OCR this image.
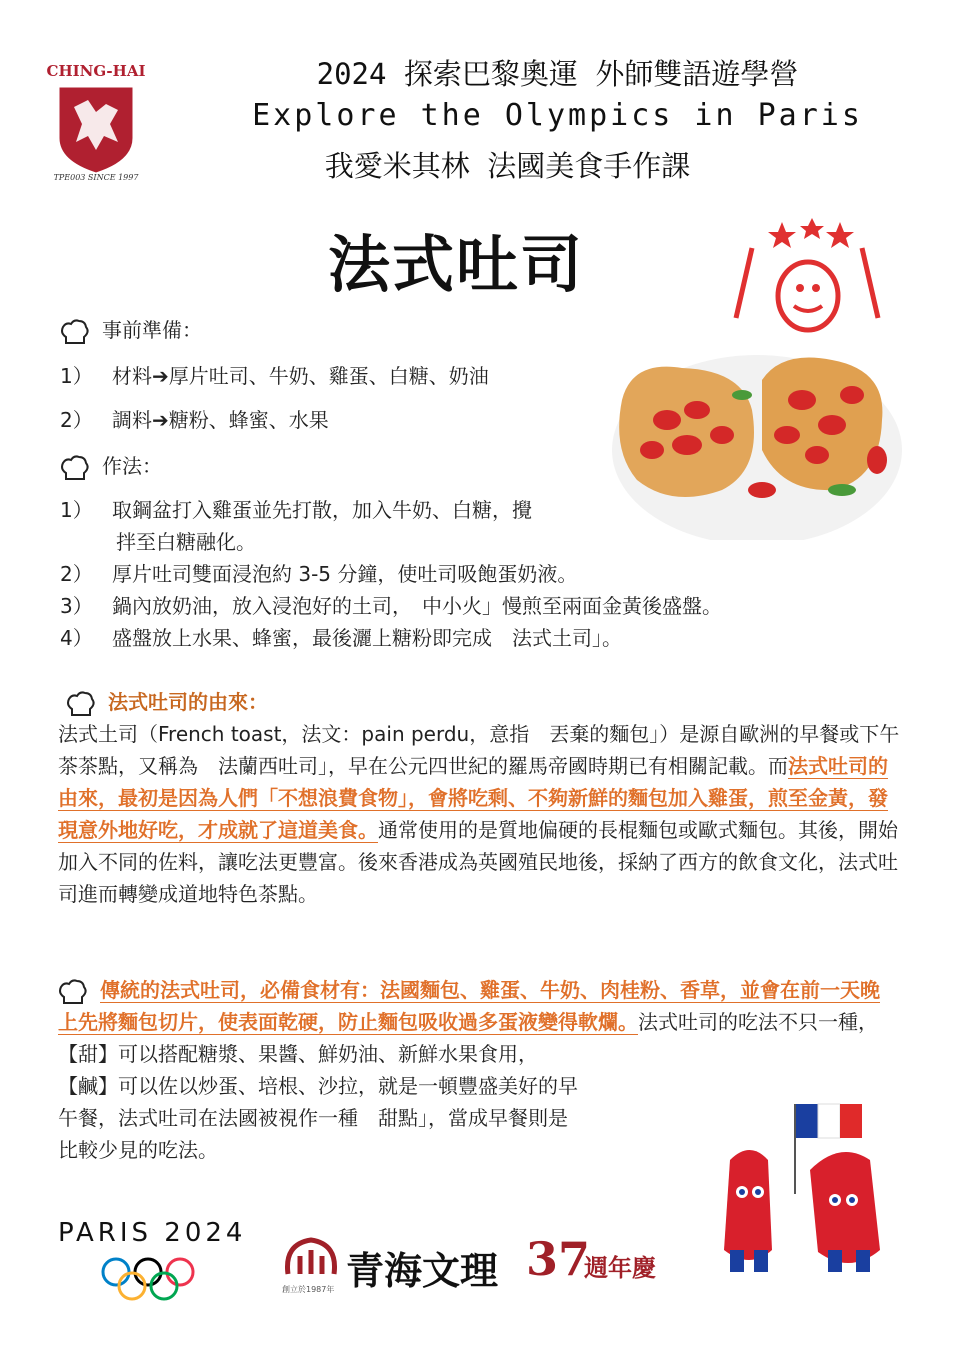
CHING-HAI
TPE003 SINCE 1997
2024 探索巴黎奧運 外師雙語遊學營
Explore the Olympics in Paris
我愛米其林 法國美食手作課
法式吐司
事前準備：
1） 材料➔厚片吐司、牛奶、雞蛋、白糖、奶油
2） 調料➔糖粉、蜂蜜、水果
作法：
1） 取鋼盆打入雞蛋並先打散，加入牛奶、白糖，攪
拌至白糖融化。
2） 厚片吐司雙面浸泡約 3-5 分鐘，使吐司吸飽蛋奶液。
3） 鍋內放奶油，放入浸泡好的土司，　中小火」慢煎至兩面金黃後盛盤。
4） 盛盤放上水果、蜂蜜，最後灑上糖粉即完成　法式土司」。
法式吐司的由來：
法式土司（French toast，法文：pain perdu，意指　丟棄的麵包」）是源自歐洲的早餐或下午茶茶點，又稱為　法蘭西吐司」，早在公元四世紀的羅馬帝國時期已有相關記載。而法式吐司的由來，最初是因為人們「不想浪費食物」，會將吃剩、不夠新鮮的麵包加入雞蛋，煎至金黃，發現意外地好吃，才成就了這道美食。通常使用的是質地偏硬的長棍麵包或歐式麵包。其後，開始加入不同的佐料，讓吃法更豐富。後來香港成為英國殖民地後，採納了西方的飲食文化，法式吐司進而轉變成道地特色茶點。
傳統的法式吐司，必備食材有：法國麵包、雞蛋、牛奶、肉桂粉、香草，並會在前一天晚上先將麵包切片，使表面乾硬，防止麵包吸收過多蛋液變得軟爛。法式吐司的吃法不只一種，【甜】可以搭配糖漿、果醬、鮮奶油、新鮮水果食用，
【鹹】可以佐以炒蛋、培根、沙拉，就是一頓豐盛美好的早
午餐，法式吐司在法國被視作一種　甜點」，當成早餐則是
比較少見的吃法。
PARIS 2024
創立於1987年 青海文理 37
週年慶
